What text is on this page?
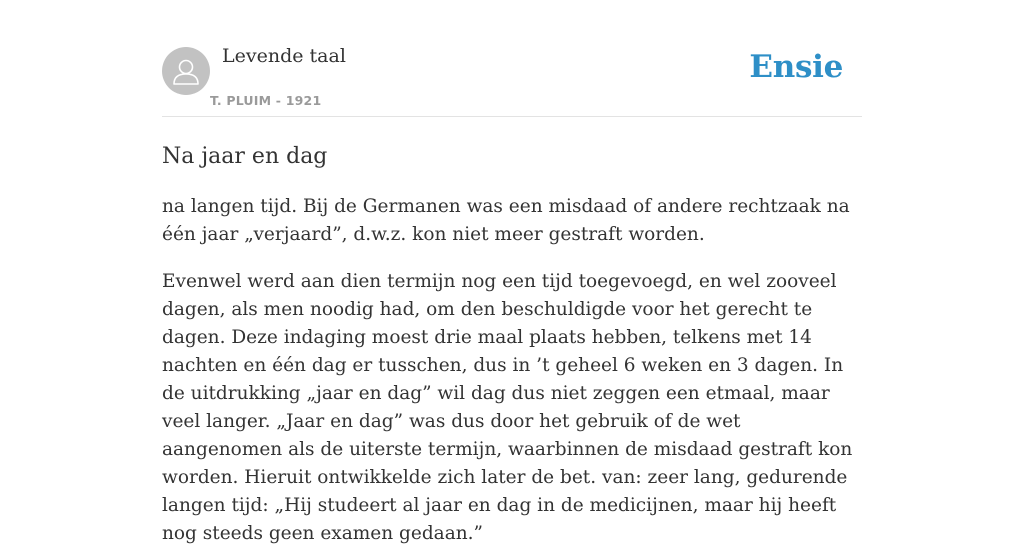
Levende taal
T. PLUIM - 1921
Ensie
Na jaar en dag

na langen tijd. Bij de Germanen was een misdaad of andere rechtzaak na één jaar „verjaard”, d.w.z. kon niet meer gestraft worden.

Evenwel werd aan dien termijn nog een tijd toegevoegd, en wel zooveel dagen, als men noodig had, om den beschuldigde voor het gerecht te dagen. Deze indaging moest drie maal plaats hebben, telkens met 14 nachten en één dag er tusschen, dus in ’t geheel 6 weken en 3 dagen. In de uitdrukking „jaar en dag” wil dag dus niet zeggen een etmaal, maar veel langer. „Jaar en dag” was dus door het gebruik of de wet aangenomen als de uiterste termijn, waarbinnen de misdaad gestraft kon worden. Hieruit ontwikkelde zich later de bet. van: zeer lang, gedurende langen tijd: „Hij studeert al jaar en dag in de medicijnen, maar hij heeft nog steeds geen examen gedaan.”
